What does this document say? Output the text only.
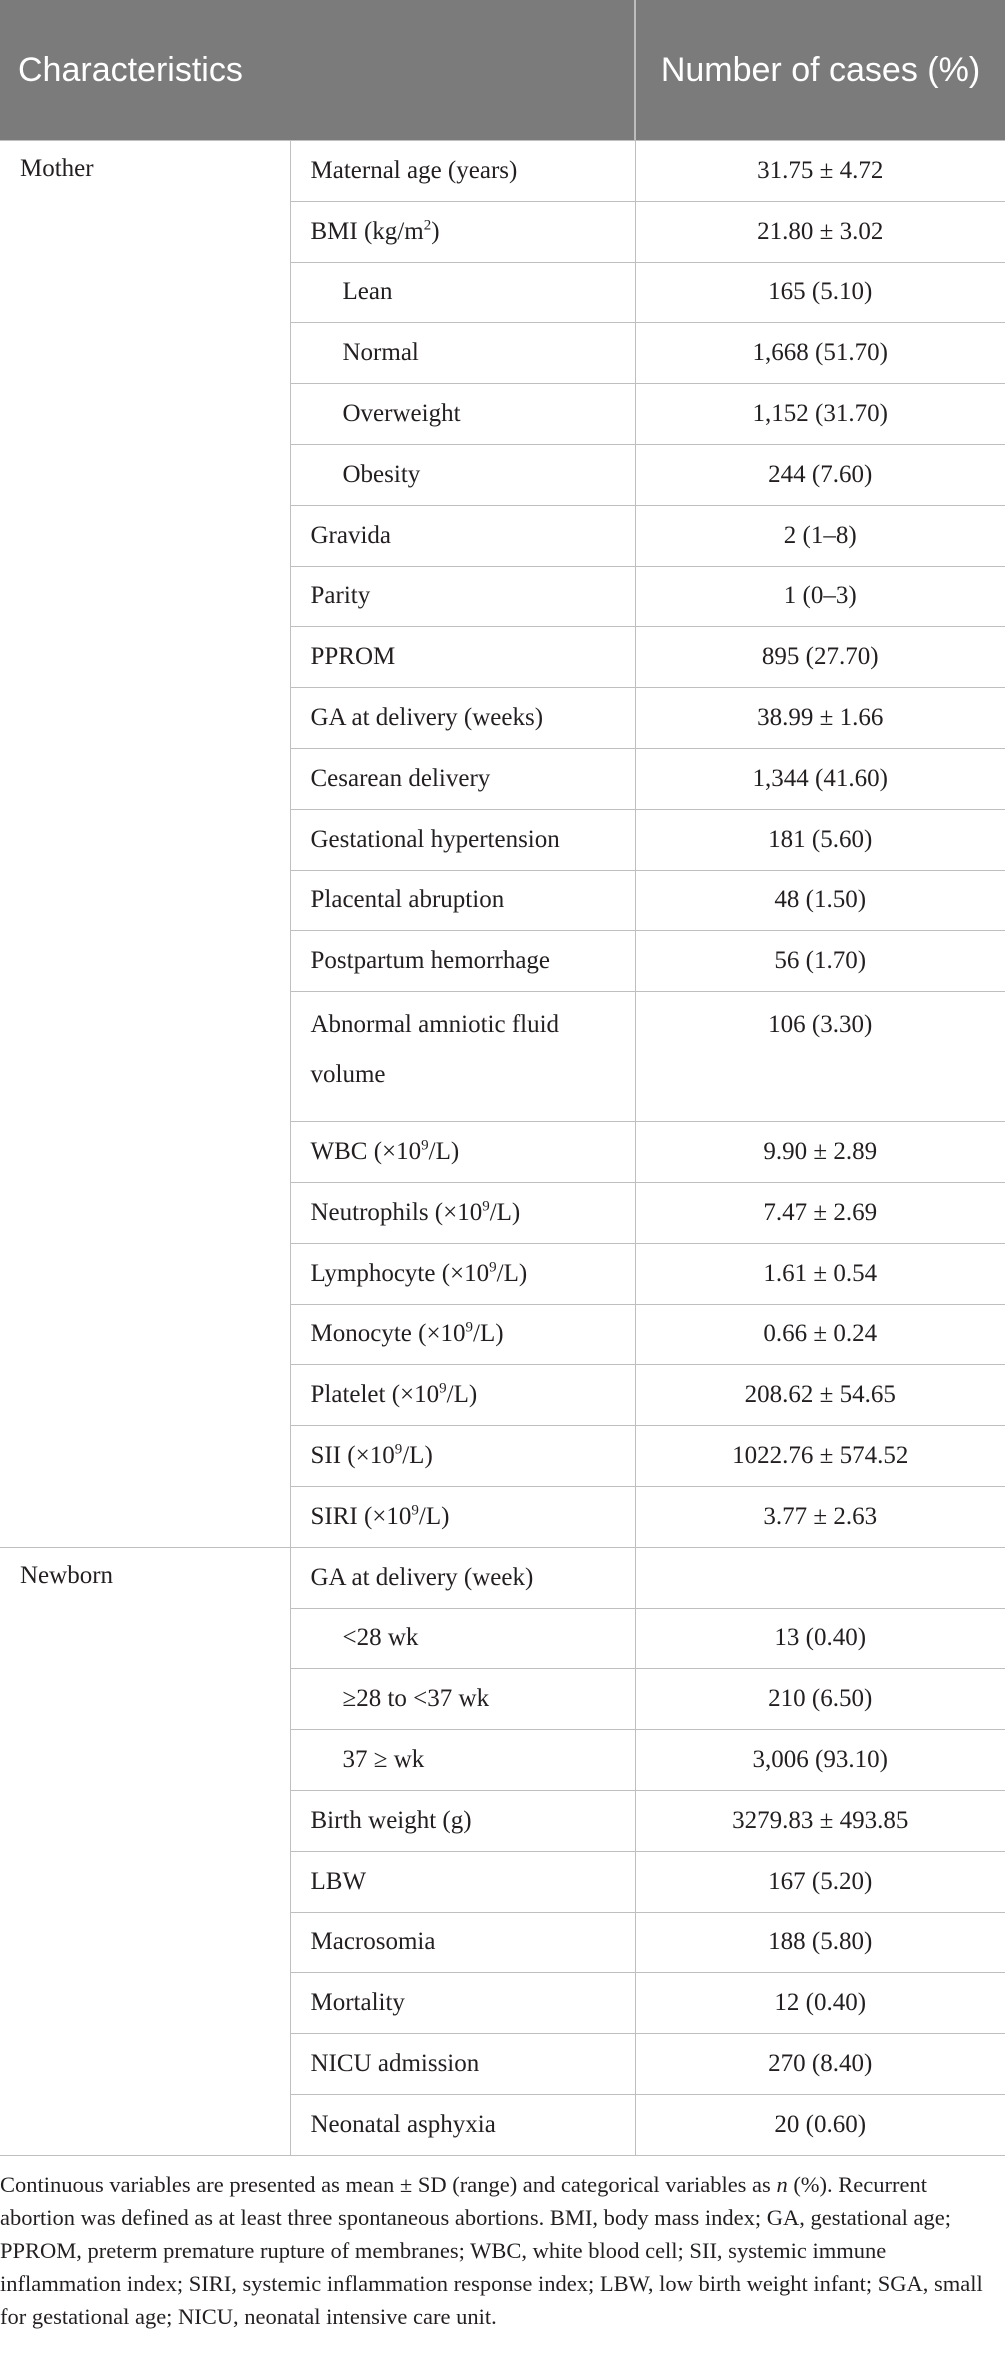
Characteristics		Number of cases (%)
Mother	Maternal age (years)	31.75 ± 4.72
	BMI $(kg/m^2)$	21.80 ± 3.02
	Lean	165 (5.10)
	Normal	1,668 (51.70)
	Overweight	1,152 (31.70)
	Obesity	244 (7.60)
	Gravida	2 (1–8)
	Parity	1 (0–3)
	PPROM	895 (27.70)
	GA at delivery (weeks)	38.99 ± 1.66
	Cesarean delivery	1,344 (41.60)
	Gestational hypertension	181 (5.60)
	Placental abruption	48 (1.50)
	Postpartum hemorrhage	56 (1.70)
	Abnormal amniotic fluid volume	106 (3.30)
	WBC $(\times 10^9/L)$	9.90 ± 2.89
	Neutrophils $(\times 10^9/L)$	7.47 ± 2.69
	Lymphocyte $(\times 10^9/L)$	1.61 ± 0.54
	Monocyte $(\times 10^9/L)$	0.66 ± 0.24
	Platelet $(\times 10^9/L)$	208.62 ± 54.65
	SII $(\times 10^9/L)$	1022.76 ± 574.52
	SIRI $(\times 10^9/L)$	3.77 ± 2.63
Newborn	GA at delivery (week)	
	<28 wk	13 (0.40)
	≥28 to <37 wk	210 (6.50)
	37 ≥ wk	3,006 (93.10)
	Birth weight (g)	3279.83 ± 493.85
	LBW	167 (5.20)
	Macrosomia	188 (5.80)
	Mortality	12 (0.40)
	NICU admission	270 (8.40)
	Neonatal asphyxia	20 (0.60)

Continuous variables are presented as mean ± SD (range) and categorical variables as n (%). Recurrent abortion was defined as at least three spontaneous abortions. BMI, body mass index; GA, gestational age; PPROM, preterm premature rupture of membranes; WBC, white blood cell; SII, systemic immune inflammation index; SIRI, systemic inflammation response index; LBW, low birth weight infant; SGA, small for gestational age; NICU, neonatal intensive care unit.
